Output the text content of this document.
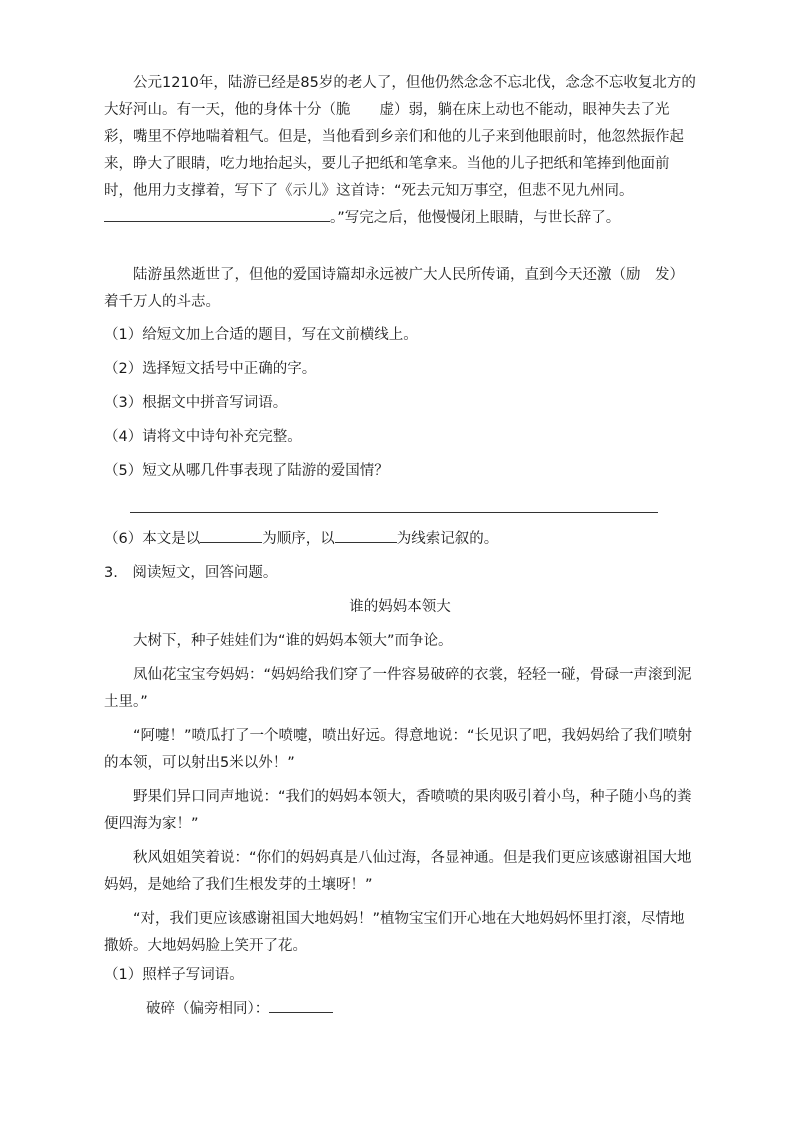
公元1210年，陆游已经是85岁的老人了，但他仍然念念不忘北伐，念念不忘收复北方的大好河山。有一天，他的身体十分（脆　　虚）弱，躺在床上动也不能动，眼神失去了光彩，嘴里不停地喘着粗气。但是，当他看到乡亲们和他的儿子来到他眼前时，他忽然振作起来，睁大了眼睛，吃力地抬起头，要儿子把纸和笔拿来。当他的儿子把纸和笔捧到他面前时，他用力支撑着，写下了《示儿》这首诗：“死去元知万事空，但悲不见九州同。。”写完之后，他慢慢闭上眼睛，与世长辞了。

陆游虽然逝世了，但他的爱国诗篇却永远被广大人民所传诵，直到今天还激（励　发）着千万人的斗志。

（1）给短文加上合适的题目，写在文前横线上。

（2）选择短文括号中正确的字。

（3）根据文中拼音写词语。

（4）请将文中诗句补充完整。

（5）短文从哪几件事表现了陆游的爱国情？

（6）本文是以	为顺序，以	为线索记叙的。

3.　阅读短文，回答问题。

谁的妈妈本领大

大树下，种子娃娃们为“谁的妈妈本领大”而争论。

凤仙花宝宝夸妈妈：“妈妈给我们穿了一件容易破碎的衣裳，轻轻一碰，骨碌一声滚到泥土里。”

“阿嚏！”喷瓜打了一个喷嚏，喷出好远。得意地说：“长见识了吧，我妈妈给了我们喷射的本领，可以射出5米以外！”

野果们异口同声地说：“我们的妈妈本领大，香喷喷的果肉吸引着小鸟，种子随小鸟的粪便四海为家！”

秋风姐姐笑着说：“你们的妈妈真是八仙过海，各显神通。但是我们更应该感谢祖国大地妈妈，是她给了我们生根发芽的土壤呀！”

“对，我们更应该感谢祖国大地妈妈！”植物宝宝们开心地在大地妈妈怀里打滚，尽情地撒娇。大地妈妈脸上笑开了花。

（1）照样子写词语。

破碎（偏旁相同）：
